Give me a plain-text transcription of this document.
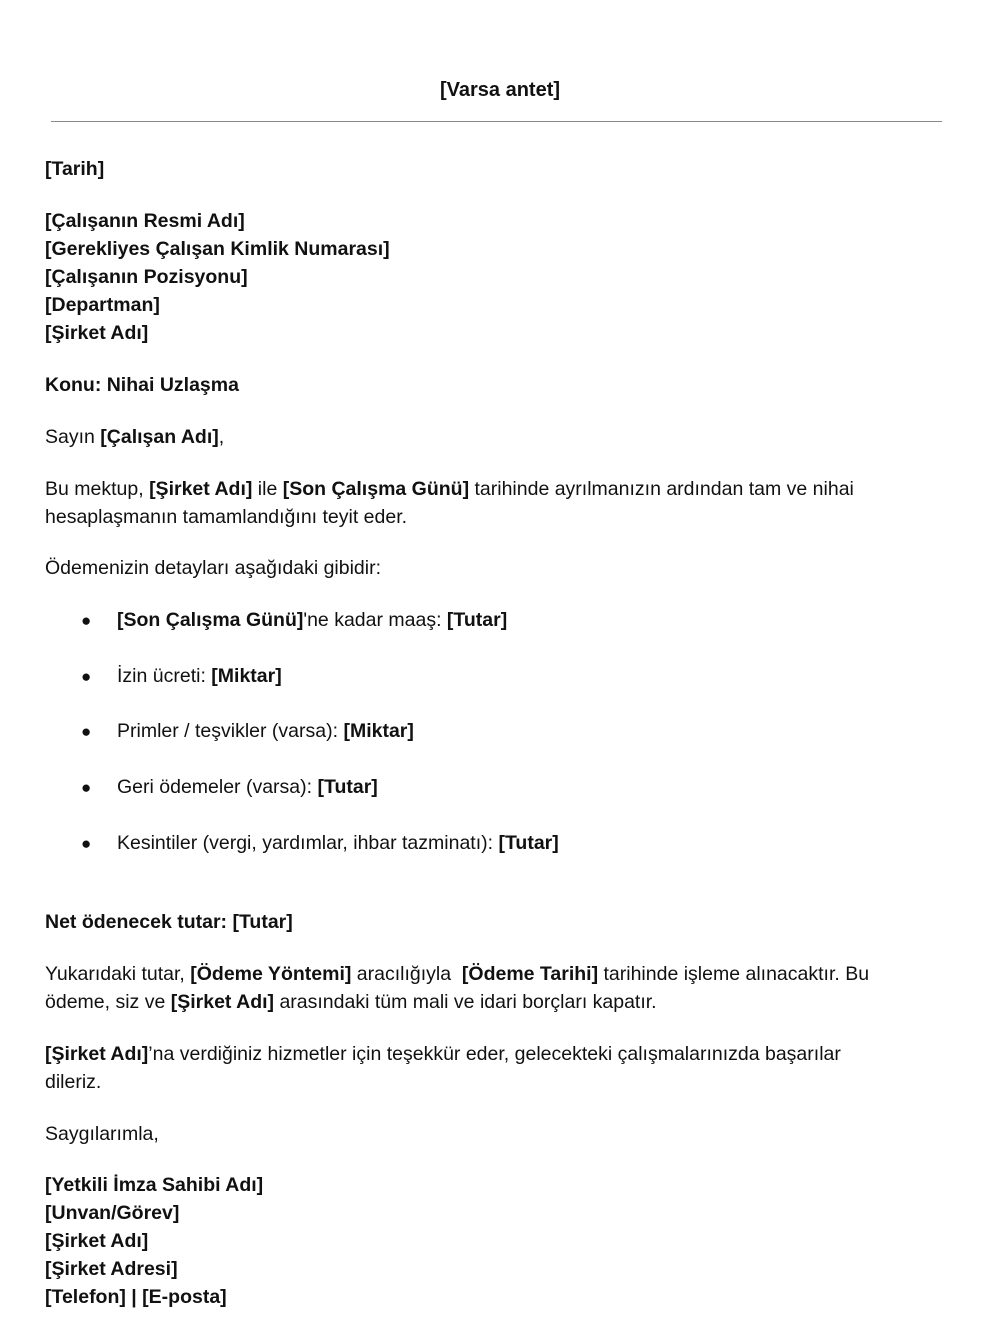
[Varsa antet]
[Tarih]
[Çalışanın Resmi Adı]
[Gerekliyes Çalışan Kimlik Numarası]
[Çalışanın Pozisyonu]
[Departman]
[Şirket Adı]
Konu: Nihai Uzlaşma
Sayın [Çalışan Adı],
Bu mektup, [Şirket Adı] ile [Son Çalışma Günü] tarihinde ayrılmanızın ardından tam ve nihai
hesaplaşmanın tamamlandığını teyit eder.
Ödemenizin detayları aşağıdaki gibidir:
● [Son Çalışma Günü]'ne kadar maaş: [Tutar]
● İzin ücreti: [Miktar]
● Primler / teşvikler (varsa): [Miktar]
● Geri ödemeler (varsa): [Tutar]
● Kesintiler (vergi, yardımlar, ihbar tazminatı): [Tutar]
Net ödenecek tutar: [Tutar]
Yukarıdaki tutar, [Ödeme Yöntemi] aracılığıyla  [Ödeme Tarihi] tarihinde işleme alınacaktır. Bu
ödeme, siz ve [Şirket Adı] arasındaki tüm mali ve idari borçları kapatır.
[Şirket Adı]’na verdiğiniz hizmetler için teşekkür eder, gelecekteki çalışmalarınızda başarılar
dileriz.
Saygılarımla,
[Yetkili İmza Sahibi Adı]
[Unvan/Görev]
[Şirket Adı]
[Şirket Adresi]
[Telefon] | [E-posta]
